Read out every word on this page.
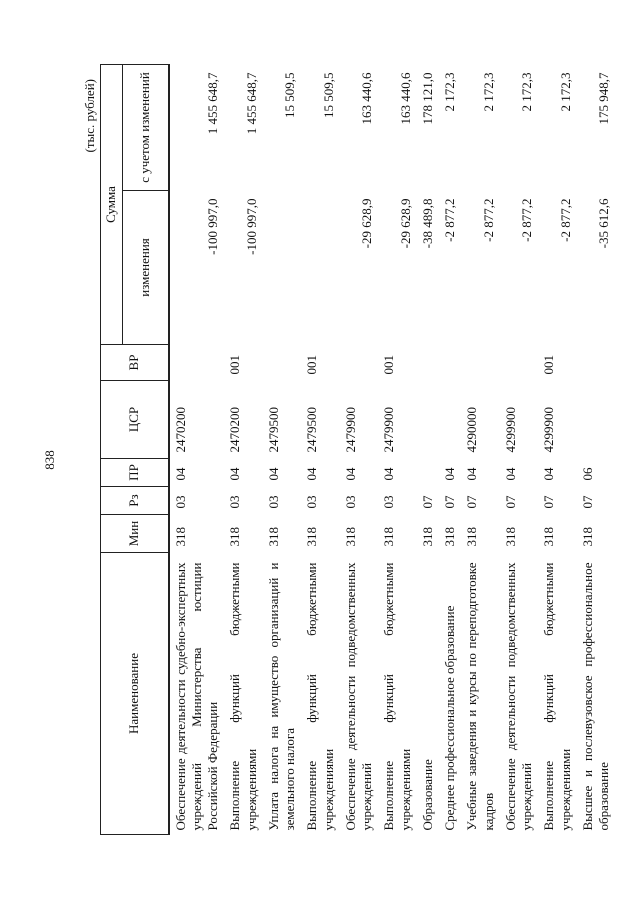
838
(тыс. рублей)
Наименование	Мин	Рз	ПР	ЦСР	ВР	Сумма	
						изменения	с учетом изменений
Обеспечение деятельности судебно-экспертных учреждений Министерства юстиции Российской Федерации	318	03	04	2470200		-100 997,0	1 455 648,7
Выполнение функций бюджетными учреждениями	318	03	04	2470200	001	-100 997,0	1 455 648,7
Уплата налога на имущество организаций и земельного налога	318	03	04	2479500			15 509,5
Выполнение функций бюджетными учреждениями	318	03	04	2479500	001		15 509,5
Обеспечение деятельности подведомственных учреждений	318	03	04	2479900		-29 628,9	163 440,6
Выполнение функций бюджетными учреждениями	318	03	04	2479900	001	-29 628,9	163 440,6
Образование	318	07				-38 489,8	178 121,0
Среднее профессиональное образование	318	07	04			-2 877,2	2 172,3
Учебные заведения и курсы по переподготовке кадров	318	07	04	4290000		-2 877,2	2 172,3
Обеспечение деятельности подведомственных учреждений	318	07	04	4299900		-2 877,2	2 172,3
Выполнение функций бюджетными учреждениями	318	07	04	4299900	001	-2 877,2	2 172,3
Высшее и послевузовское профессиональное образование	318	07	06			-35 612,6	175 948,7
